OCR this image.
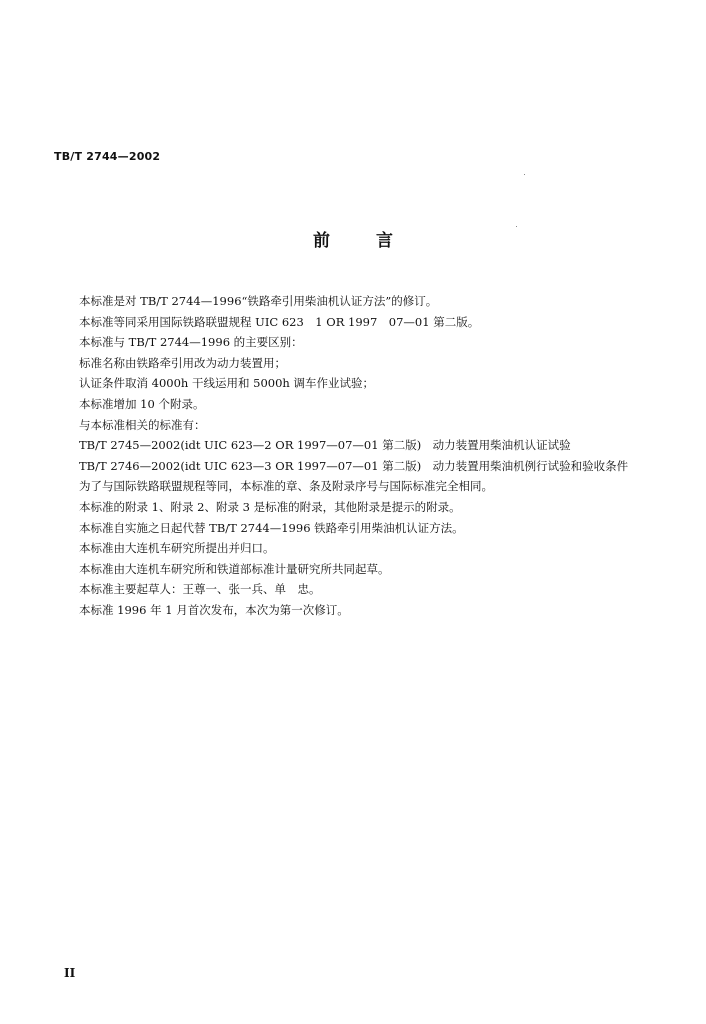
TB/T 2744—2002
前	言

本标准是对 TB/T 2744—1996“铁路牵引用柴油机认证方法”的修订。

本标准等同采用国际铁路联盟规程 UIC 623　1 OR 1997　07—01 第二版。

本标准与 TB/T 2744—1996 的主要区别：

标准名称由铁路牵引用改为动力装置用；

认证条件取消 4000h 干线运用和 5000h 调车作业试验；

本标准增加 10 个附录。

与本标准相关的标准有：

TB/T 2745—2002(idt UIC 623—2 OR 1997—07—01 第二版)　动力装置用柴油机认证试验

TB/T 2746—2002(idt UIC 623—3 OR 1997—07—01 第二版)　动力装置用柴油机例行试验和验收条件

为了与国际铁路联盟规程等同，本标准的章、条及附录序号与国际标准完全相同。

本标准的附录 1、附录 2、附录 3 是标准的附录，其他附录是提示的附录。

本标准自实施之日起代替 TB/T 2744—1996 铁路牵引用柴油机认证方法。

本标准由大连机车研究所提出并归口。

本标准由大连机车研究所和铁道部标准计量研究所共同起草。

本标准主要起草人：王尊一、张一兵、单　忠。

本标准 1996 年 1 月首次发布，本次为第一次修订。

II
